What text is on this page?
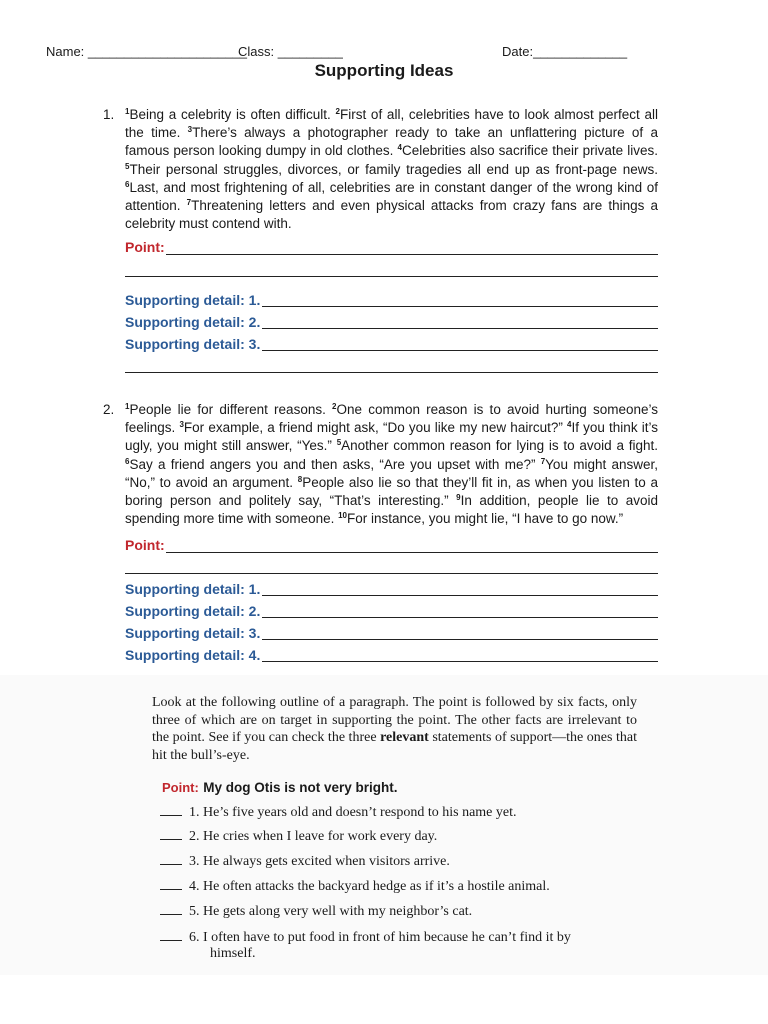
Name: ______________________
Class: _________	Date:_____________
Supporting Ideas
1. $^1$Being a celebrity is often difficult. $^2$First of all, celebrities have to look almost perfect all the time. $^3$There’s always a photographer ready to take an unflattering picture of a famous person looking dumpy in old clothes. $^4$Celebrities also sacrifice their private lives. $^5$Their personal struggles, divorces, or family tragedies all end up as front-page news. $^6$Last, and most frightening of all, celebrities are in constant danger of the wrong kind of attention. $^7$Threatening letters and even physical attacks from crazy fans are things a celebrity must contend with.
Point:
Supporting detail: 1.
Supporting detail: 2.
Supporting detail: 3.
2. $^1$People lie for different reasons. $^2$One common reason is to avoid hurting someone’s feelings. $^3$For example, a friend might ask, “Do you like my new haircut?” $^4$If you think it’s ugly, you might still answer, “Yes.” $^5$Another common reason for lying is to avoid a fight. $^6$Say a friend angers you and then asks, “Are you upset with me?” $^7$You might answer, “No,” to avoid an argument. $^8$People also lie so that they’ll fit in, as when you listen to a boring person and politely say, “That’s interesting.” $^9$In addition, people lie to avoid spending more time with someone. $^{10}$For instance, you might lie, “I have to go now.”
Point:
Supporting detail: 1.
Supporting detail: 2.
Supporting detail: 3.
Supporting detail: 4.
Look at the following outline of a paragraph. The point is followed by six facts, only three of which are on target in supporting the point. The other facts are irrelevant to the point. See if you can check the three relevant statements of support—the ones that hit the bull’s-eye.
Point: My dog Otis is not very bright.
1. He’s five years old and doesn’t respond to his name yet.
2. He cries when I leave for work every day.
3. He always gets excited when visitors arrive.
4. He often attacks the backyard hedge as if it’s a hostile animal.
5. He gets along very well with my neighbor’s cat.
6. I often have to put food in front of him because he can’t find it by
himself.
